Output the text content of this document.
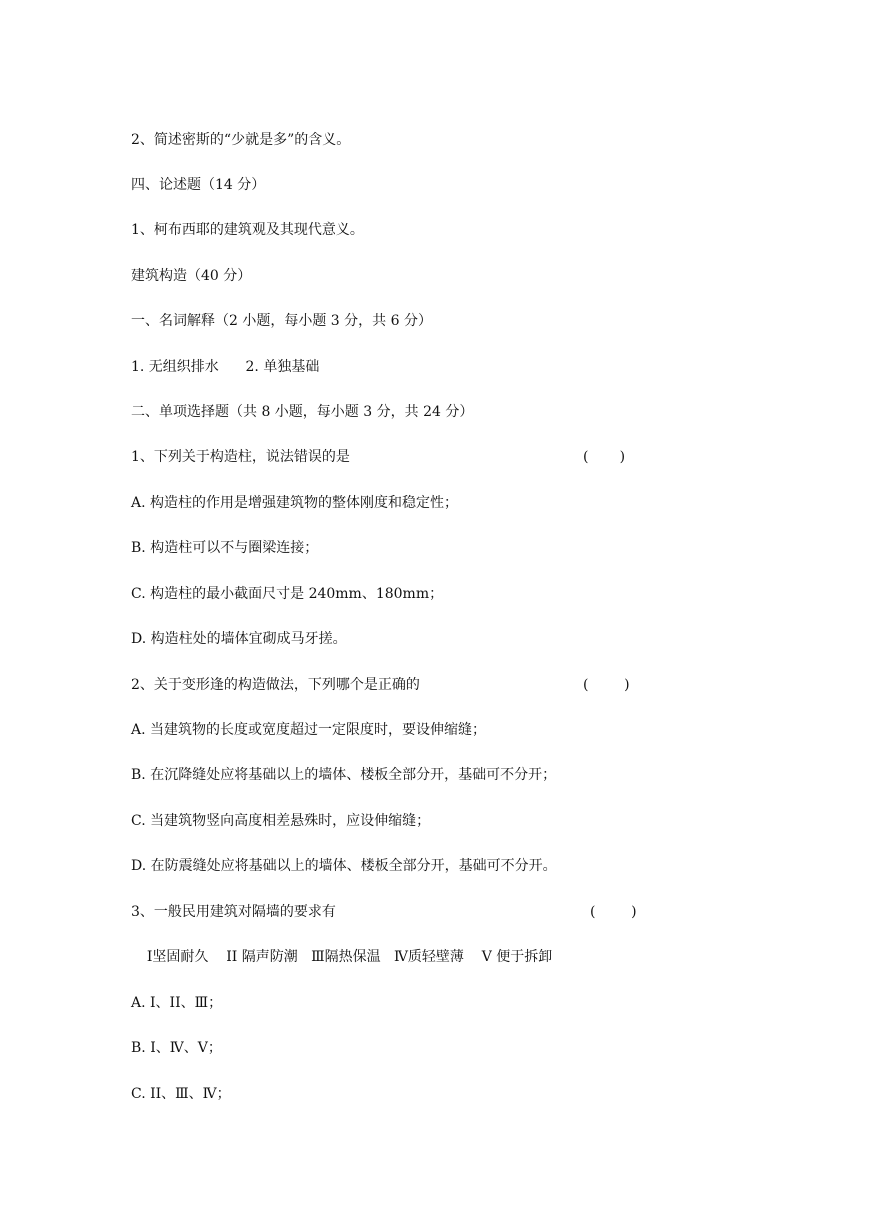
2、简述密斯的“少就是多”的含义。
四、论述题（14 分）
1、柯布西耶的建筑观及其现代意义。
建筑构造（40 分）
一、名词解释（2 小题，每小题 3 分，共 6 分）
1. 无组织排水      2. 单独基础
二、单项选择题（共 8 小题，每小题 3 分，共 24 分）
1、下列关于构造柱，说法错误的是	(       )
A. 构造柱的作用是增强建筑物的整体刚度和稳定性；
B. 构造柱可以不与圈梁连接；
C. 构造柱的最小截面尺寸是 240mm、180mm；
D. 构造柱处的墙体宜砌成马牙搓。
2、关于变形逢的构造做法，下列哪个是正确的	(        )
A. 当建筑物的长度或宽度超过一定限度时，要设伸缩缝；
B. 在沉降缝处应将基础以上的墙体、楼板全部分开，基础可不分开；
C. 当建筑物竖向高度相差悬殊时，应设伸缩缝；
D. 在防震缝处应将基础以上的墙体、楼板全部分开，基础可不分开。
3、一般民用建筑对隔墙的要求有	(        )
Ⅰ坚固耐久    II 隔声防潮   Ⅲ隔热保温   Ⅳ质轻壁薄    V 便于拆卸
A. Ⅰ、II、Ⅲ；
B. Ⅰ、Ⅳ、V；
C. II、Ⅲ、Ⅳ；
